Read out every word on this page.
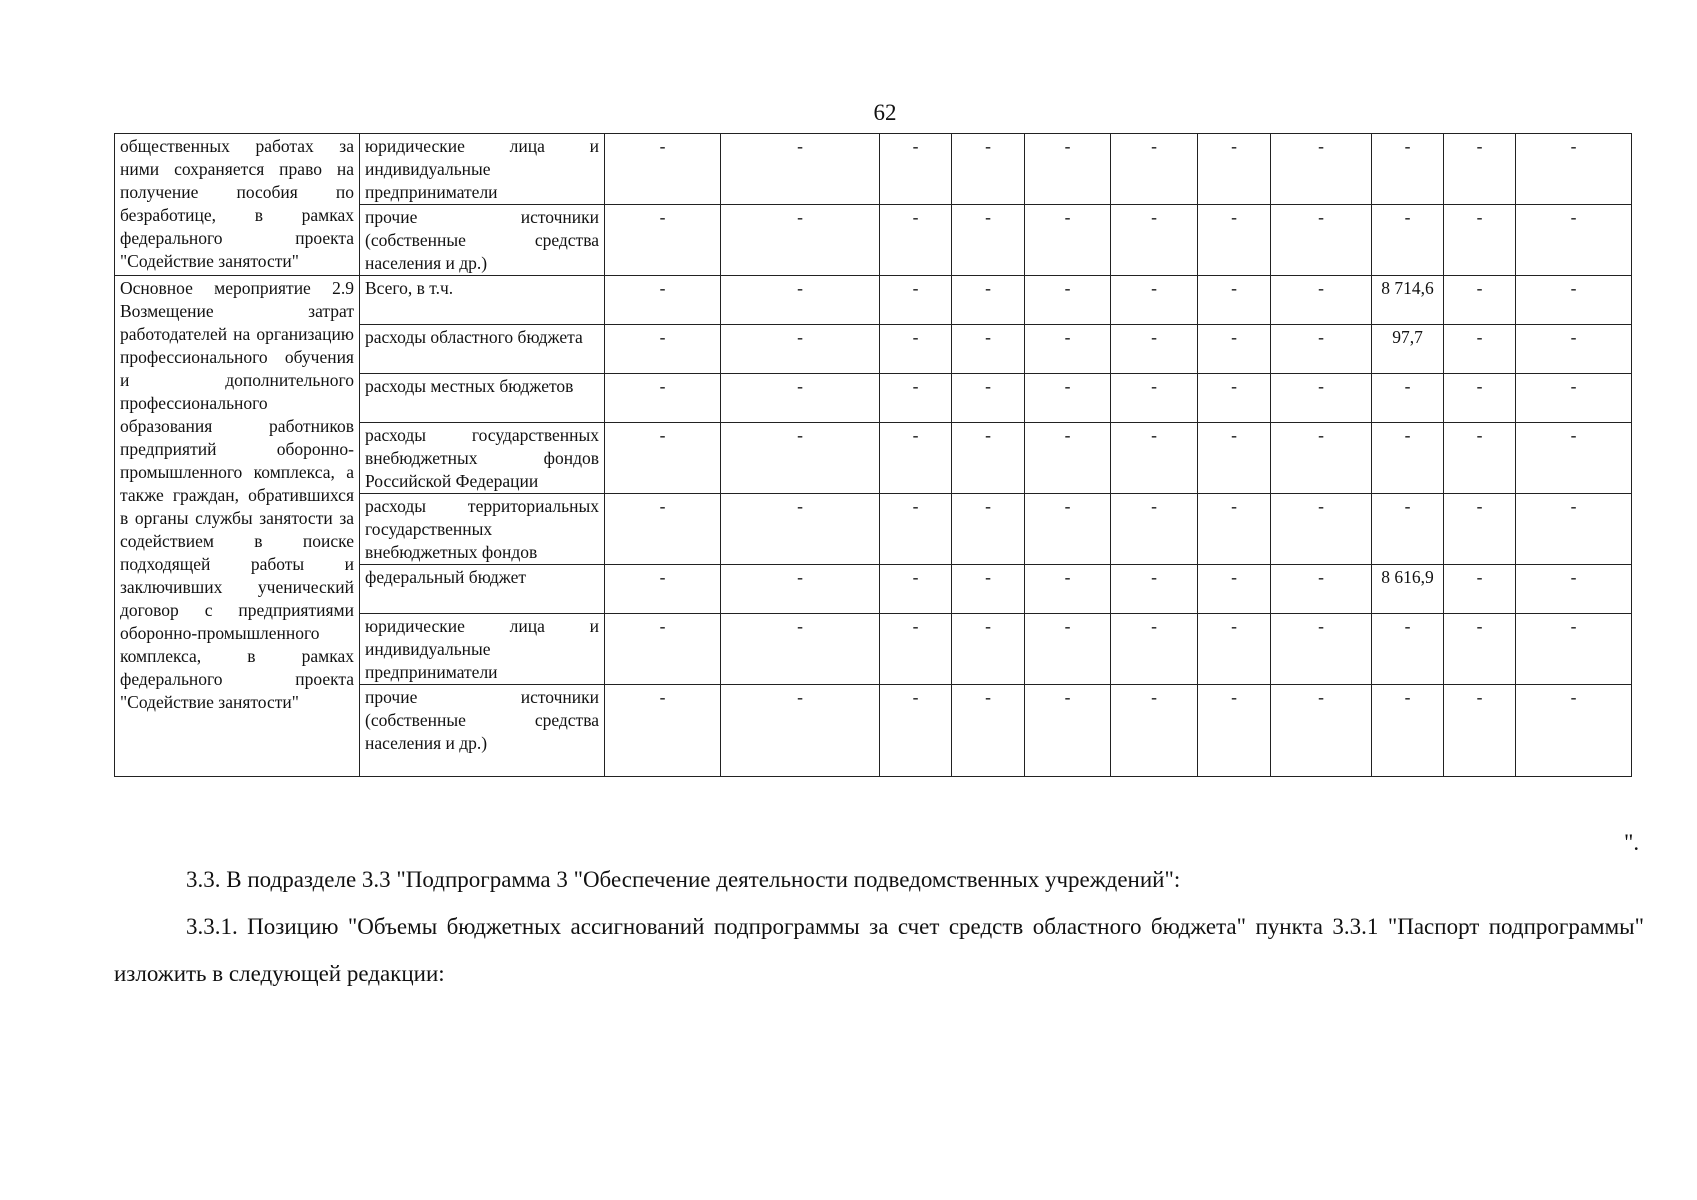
62
общественных работах за ними сохраняется право на получение пособия по безработице, в рамках федерального проекта "Содействие занятости"	юридические лица и индивидуальные предприниматели	-	-	-	-	-	-	-	-	-	-	-
	прочие источники (собственные средства населения и др.)	-	-	-	-	-	-	-	-	-	-	-
Основное мероприятие 2.9 Возмещение затрат работодателей на организацию профессионального обучения и дополнительного профессионального образования работников предприятий оборонно-промышленного комплекса, а также граждан, обратившихся в органы службы занятости за содействием в поиске подходящей работы и заключивших ученический договор с предприятиями оборонно-промышленного комплекса, в рамках федерального проекта "Содействие занятости"	Всего, в т.ч.	-	-	-	-	-	-	-	-	8 714,6	-	-
	расходы областного бюджета	-	-	-	-	-	-	-	-	97,7	-	-
	расходы местных бюджетов	-	-	-	-	-	-	-	-	-	-	-
	расходы государственных внебюджетных фондов Российской Федерации	-	-	-	-	-	-	-	-	-	-	-
	расходы территориальных государственных внебюджетных фондов	-	-	-	-	-	-	-	-	-	-	-
	федеральный бюджет	-	-	-	-	-	-	-	-	8 616,9	-	-
	юридические лица и индивидуальные предприниматели	-	-	-	-	-	-	-	-	-	-	-
	прочие источники (собственные средства населения и др.)	-	-	-	-	-	-	-	-	-	-	-
".

3.3. В подразделе 3.3 "Подпрограмма 3 "Обеспечение деятельности подведомственных учреждений":

3.3.1. Позицию "Объемы бюджетных ассигнований подпрограммы за счет средств областного бюджета" пункта 3.3.1 "Паспорт подпрограммы" изложить в следующей редакции:
